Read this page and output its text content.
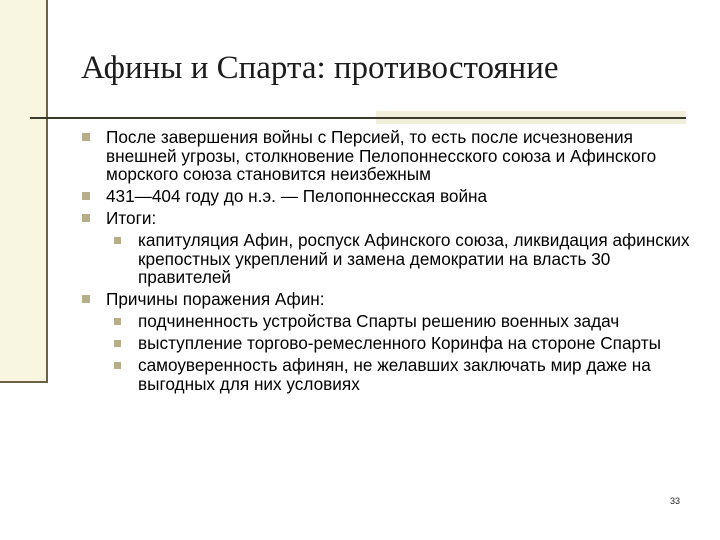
Афины и Спарта: противостояние
После завершения войны с Персией, то есть после исчезновения внешней угрозы, столкновение Пелопоннесского союза и Афинского морского союза становится неизбежным
431—404 году до н.э. — Пелопоннесская война
Итоги:
капитуляция Афин, роспуск Афинского союза, ликвидация афинских крепостных укреплений и замена демократии на власть 30 правителей
Причины поражения Афин:
подчиненность устройства Спарты решению военных задач
выступление торгово-ремесленного Коринфа на стороне Спарты
самоуверенность афинян, не желавших заключать мир даже на выгодных для них условиях
33
